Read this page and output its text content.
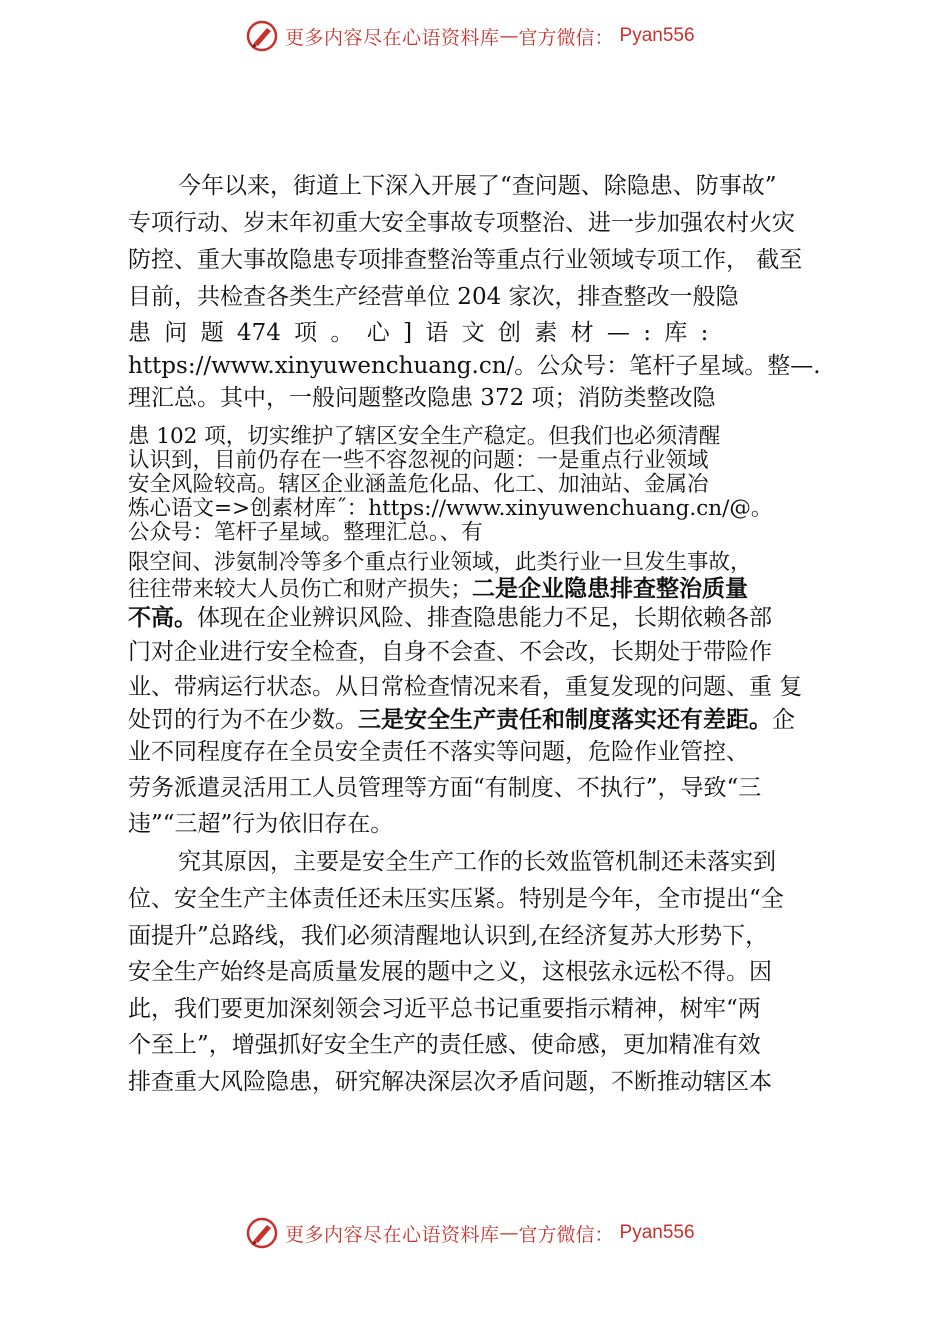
更多内容尽在心语资料库 — 官方微信： Pyan556
今年以来，街道上下深入开展了“查问题、除隐患、防事故”
专项行动、岁末年初重大安全事故专项整治、进一步加强农村火灾
防控、重大事故隐患专项排查整治等重点行业领域专项工作， 截至
目前，共检查各类生产经营单位 204 家次，排查整改一般隐
患 问 题 474 项 。 心 ] 语 文 创 素 材 — : 库 :
https://www.xinyuwenchuang.cn/。公众号：笔杆子星域。整—.
理汇总。其中，一般问题整改隐患 372 项；消防类整改隐
患 102 项，切实维护了辖区安全生产稳定。但我们也必须清醒
认识到，目前仍存在一些不容忽视的问题：一是重点行业领域
安全风险较高。辖区企业涵盖危化品、化工、加油站、金属冶
炼心语文=>创素材库˝：https://www.xinyuwenchuang.cn/@。
公众号：笔杆子星域。整理汇总。、有
限空间、涉氨制冷等多个重点行业领域，此类行业一旦发生事故，
往往带来较大人员伤亡和财产损失；二是企业隐患排查整治质量
不高。体现在企业辨识风险、排查隐患能力不足，长期依赖各部
门对企业进行安全检查，自身不会查、不会改，长期处于带险作
业、带病运行状态。从日常检查情况来看，重复发现的问题、重 复
处罚的行为不在少数。三是安全生产责任和制度落实还有差距。企
业不同程度存在全员安全责任不落实等问题，危险作业管控、
劳务派遣灵活用工人员管理等方面“有制度、不执行”，导致“三
违”“三超”行为依旧存在。
究其原因，主要是安全生产工作的长效监管机制还未落实到
位、安全生产主体责任还未压实压紧。特别是今年，全市提出“全
面提升”总路线，我们必须清醒地认识到,在经济复苏大形势下，
安全生产始终是高质量发展的题中之义，这根弦永远松不得。因
此，我们要更加深刻领会习近平总书记重要指示精神，树牢“两
个至上”，增强抓好安全生产的责任感、使命感，更加精准有效
排查重大风险隐患，研究解决深层次矛盾问题，不断推动辖区本
更多内容尽在心语资料库 — 官方微信： Pyan556
